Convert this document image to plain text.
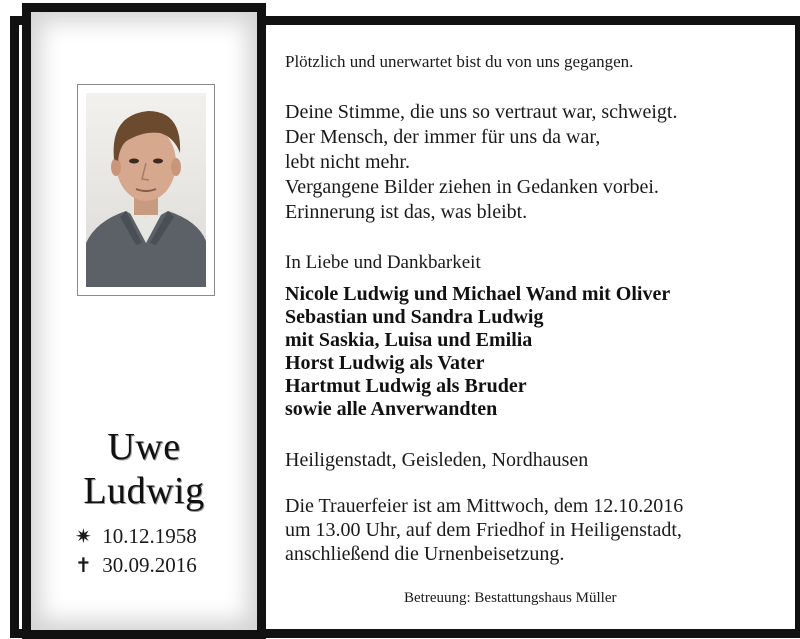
Uwe
Ludwig
✷ 10.12.1958
✝ 30.09.2016
Plötzlich und unerwartet bist du von uns gegangen.
Deine Stimme, die uns so vertraut war, schweigt.
Der Mensch, der immer für uns da war,
lebt nicht mehr.
Vergangene Bilder ziehen in Gedanken vorbei.
Erinnerung ist das, was bleibt.
In Liebe und Dankbarkeit
Nicole Ludwig und Michael Wand mit Oliver
Sebastian und Sandra Ludwig
mit Saskia, Luisa und Emilia
Horst Ludwig als Vater
Hartmut Ludwig als Bruder
sowie alle Anverwandten
Heiligenstadt, Geisleden, Nordhausen
Die Trauerfeier ist am Mittwoch, dem 12.10.2016
um 13.00 Uhr, auf dem Friedhof in Heiligenstadt,
anschließend die Urnenbeisetzung.
Betreuung: Bestattungshaus Müller
